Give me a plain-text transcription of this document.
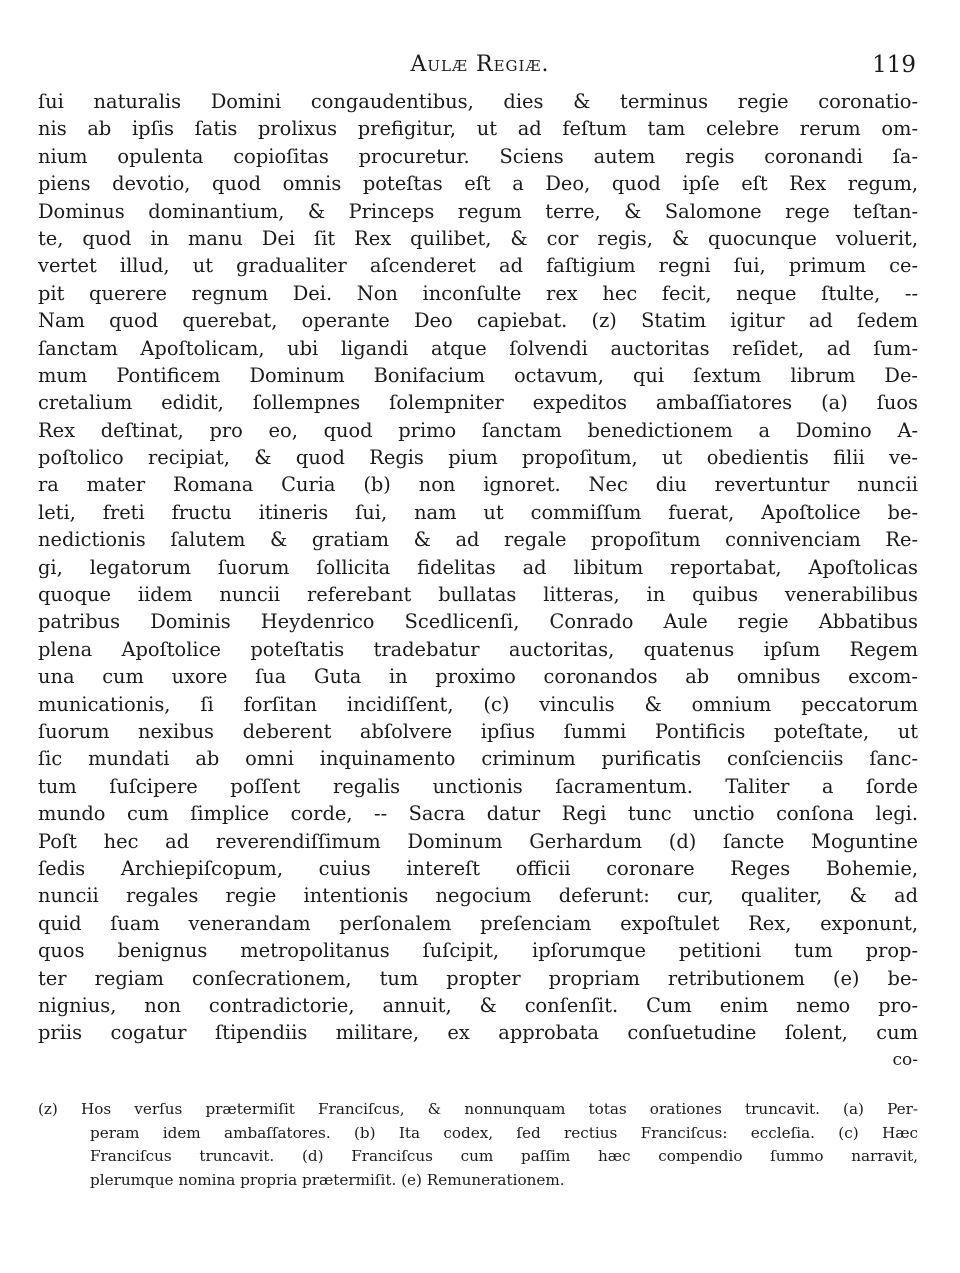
Aulæ Regiæ.	119
ſui naturalis Domini congaudentibus, dies & terminus regie coronatio-
nis ab ipſis ſatis prolixus prefigitur, ut ad feſtum tam celebre rerum om-
nium opulenta copioſitas procuretur. Sciens autem regis coronandi ſa-
piens devotio, quod omnis poteſtas eſt a Deo, quod ipſe eſt Rex regum,
Dominus dominantium, & Princeps regum terre, & Salomone rege teſtan-
te, quod in manu Dei ſit Rex quilibet, & cor regis, & quocunque voluerit,
vertet illud, ut gradualiter aſcenderet ad faſtigium regni ſui, primum ce-
pit querere regnum Dei. Non inconſulte rex hec fecit, neque ſtulte, --
Nam quod querebat, operante Deo capiebat. (z) Statim igitur ad ſedem
ſanctam Apoſtolicam, ubi ligandi atque ſolvendi auctoritas reſidet, ad ſum-
mum Pontificem Dominum Bonifacium octavum, qui ſextum librum De-
cretalium edidit, ſollempnes ſolempniter expeditos ambaſſiatores (a) ſuos
Rex deſtinat, pro eo, quod primo ſanctam benedictionem a Domino A-
poſtolico recipiat, & quod Regis pium propoſitum, ut obedientis filii ve-
ra mater Romana Curia (b) non ignoret. Nec diu revertuntur nuncii
leti, freti fructu itineris ſui, nam ut commiſſum fuerat, Apoſtolice be-
nedictionis ſalutem & gratiam & ad regale propoſitum connivenciam Re-
gi, legatorum ſuorum ſollicita fidelitas ad libitum reportabat, Apoſtolicas
quoque iidem nuncii referebant bullatas litteras, in quibus venerabilibus
patribus Dominis Heydenrico Scedlicenſi, Conrado Aule regie Abbatibus
plena Apoſtolice poteſtatis tradebatur auctoritas, quatenus ipſum Regem
una cum uxore ſua Guta in proximo coronandos ab omnibus excom-
municationis, ſi forſitan incidiſſent, (c) vinculis & omnium peccatorum
ſuorum nexibus deberent abſolvere ipſius ſummi Pontificis poteſtate, ut
ſic mundati ab omni inquinamento criminum purificatis conſcienciis ſanc-
tum ſuſcipere poſſent regalis unctionis ſacramentum. Taliter a ſorde
mundo cum ſimplice corde, -- Sacra datur Regi tunc unctio conſona legi.
Poſt hec ad reverendiſſimum Dominum Gerhardum (d) ſancte Moguntine
ſedis Archiepiſcopum, cuius intereſt officii coronare Reges Bohemie,
nuncii regales regie intentionis negocium deferunt: cur, qualiter, & ad
quid ſuam venerandam perſonalem preſenciam expoſtulet Rex, exponunt,
quos benignus metropolitanus ſuſcipit, ipſorumque petitioni tum prop-
ter regiam conſecrationem, tum propter propriam retributionem (e) be-
nignius, non contradictorie, annuit, & conſenſit. Cum enim nemo pro-
priis cogatur ſtipendiis militare, ex approbata conſuetudine ſolent, cum
co-
(z) Hos verſus prætermiſit Franciſcus, & nonnunquam totas orationes truncavit. (a) Per-
peram idem ambaſſatores. (b) Ita codex, ſed rectius Franciſcus: eccleſia. (c) Hæc
Franciſcus truncavit. (d) Franciſcus cum paſſim hæc compendio ſummo narravit,
plerumque nomina propria prætermiſit. (e) Remunerationem.
